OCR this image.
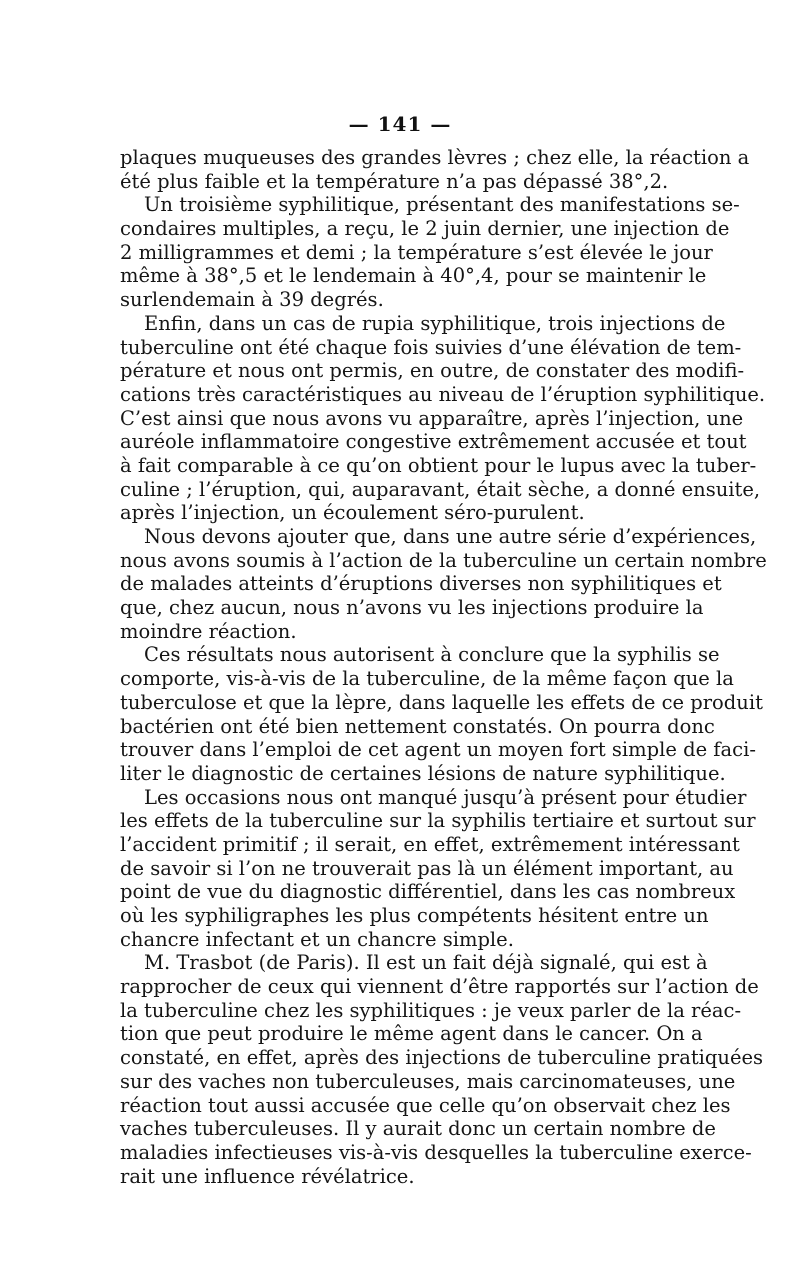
— 141 —
plaques muqueuses des grandes lèvres ; chez elle, la réaction a
été plus faible et la température n’a pas dépassé 38°,2.
Un troisième syphilitique, présentant des manifestations se-
condaires multiples, a reçu, le 2 juin dernier, une injection de
2 milligrammes et demi ; la température s’est élevée le jour
même à 38°,5 et le lendemain à 40°,4, pour se maintenir le
surlendemain à 39 degrés.
Enfin, dans un cas de rupia syphilitique, trois injections de
tuberculine ont été chaque fois suivies d’une élévation de tem-
pérature et nous ont permis, en outre, de constater des modifi-
cations très caractéristiques au niveau de l’éruption syphilitique.
C’est ainsi que nous avons vu apparaître, après l’injection, une
auréole inflammatoire congestive extrêmement accusée et tout
à fait comparable à ce qu’on obtient pour le lupus avec la tuber-
culine ; l’éruption, qui, auparavant, était sèche, a donné ensuite,
après l’injection, un écoulement séro-purulent.
Nous devons ajouter que, dans une autre série d’expériences,
nous avons soumis à l’action de la tuberculine un certain nombre
de malades atteints d’éruptions diverses non syphilitiques et
que, chez aucun, nous n’avons vu les injections produire la
moindre réaction.
Ces résultats nous autorisent à conclure que la syphilis se
comporte, vis-à-vis de la tuberculine, de la même façon que la
tuberculose et que la lèpre, dans laquelle les effets de ce produit
bactérien ont été bien nettement constatés. On pourra donc
trouver dans l’emploi de cet agent un moyen fort simple de faci-
liter le diagnostic de certaines lésions de nature syphilitique.
Les occasions nous ont manqué jusqu’à présent pour étudier
les effets de la tuberculine sur la syphilis tertiaire et surtout sur
l’accident primitif ; il serait, en effet, extrêmement intéressant
de savoir si l’on ne trouverait pas là un élément important, au
point de vue du diagnostic différentiel, dans les cas nombreux
où les syphiligraphes les plus compétents hésitent entre un
chancre infectant et un chancre simple.
M. Trasbot (de Paris). Il est un fait déjà signalé, qui est à
rapprocher de ceux qui viennent d’être rapportés sur l’action de
la tuberculine chez les syphilitiques : je veux parler de la réac-
tion que peut produire le même agent dans le cancer. On a
constaté, en effet, après des injections de tuberculine pratiquées
sur des vaches non tuberculeuses, mais carcinomateuses, une
réaction tout aussi accusée que celle qu’on observait chez les
vaches tuberculeuses. Il y aurait donc un certain nombre de
maladies infectieuses vis-à-vis desquelles la tuberculine exerce-
rait une influence révélatrice.
